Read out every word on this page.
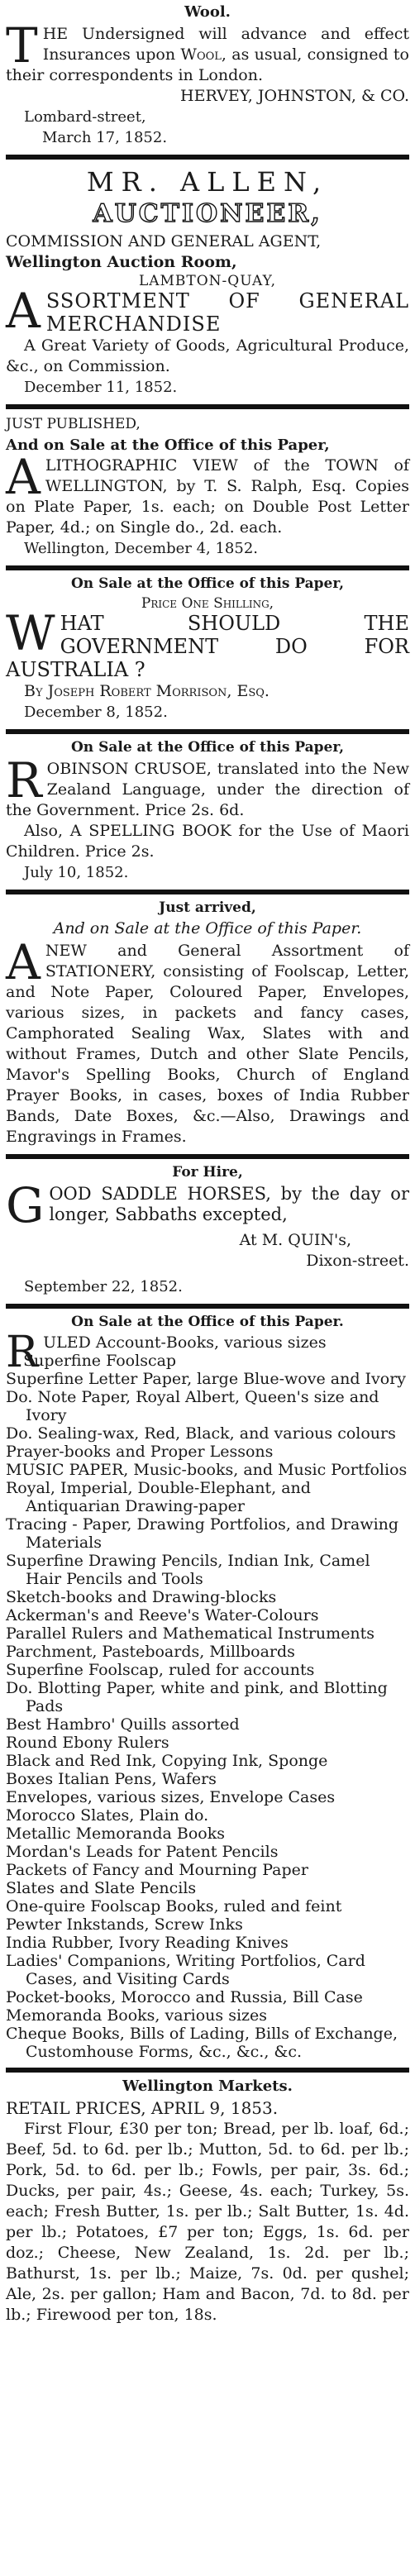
Wool.
THE Undersigned will advance and effect Insurances upon Wool, as usual, consigned to their correspondents in London.
HERVEY, JOHNSTON, & CO.
Lombard-street,
March 17, 1852.
MR. ALLEN,
AUCTIONEER,
COMMISSION AND GENERAL AGENT,
Wellington Auction Room,
LAMBTON-QUAY,
ASSORTMENT OF GENERAL MERCHANDISE
A Great Variety of Goods, Agricultural Produce, &c., on Commission.
December 11, 1852.
JUST PUBLISHED,
And on Sale at the Office of this Paper,
ALITHOGRAPHIC VIEW of the TOWN of WELLINGTON, by T. S. Ralph, Esq. Copies on Plate Paper, 1s. each; on Double Post Letter Paper, 4d.; on Single do., 2d. each.
Wellington, December 4, 1852.
On Sale at the Office of this Paper,
Price One Shilling,
WHAT SHOULD THE GOVERNMENT DO FOR AUSTRALIA ?
By Joseph Robert Morrison, Esq.
December 8, 1852.
On Sale at the Office of this Paper,
ROBINSON CRUSOE, translated into the New Zealand Language, under the direction of the Government. Price 2s. 6d.
Also, A SPELLING BOOK for the Use of Maori Children. Price 2s.
July 10, 1852.
Just arrived,
And on Sale at the Office of this Paper.
ANEW and General Assortment of STATIONERY, consisting of Foolscap, Letter, and Note Paper, Coloured Paper, Envelopes, various sizes, in packets and fancy cases, Camphorated Sealing Wax, Slates with and without Frames, Dutch and other Slate Pencils, Mavor's Spelling Books, Church of England Prayer Books, in cases, boxes of India Rubber Bands, Date Boxes, &c.—Also, Drawings and Engravings in Frames.
For Hire,
GOOD SADDLE HORSES, by the day or longer, Sabbaths excepted,
At M. QUIN's,
Dixon-street.
September 22, 1852.
On Sale at the Office of this Paper.
R ULED Account-Books, various sizes

Superfine Foolscap

Superfine Letter Paper, large Blue-wove and Ivory

Do. Note Paper, Royal Albert, Queen's size and Ivory

Do. Sealing-wax, Red, Black, and various colours

Prayer-books and Proper Lessons

MUSIC PAPER, Music-books, and Music Portfolios

Royal, Imperial, Double-Elephant, and Antiquarian Drawing-paper

Tracing - Paper, Drawing Portfolios, and Drawing Materials

Superfine Drawing Pencils, Indian Ink, Camel Hair Pencils and Tools

Sketch-books and Drawing-blocks

Ackerman's and Reeve's Water-Colours

Parallel Rulers and Mathematical Instruments

Parchment, Pasteboards, Millboards

Superfine Foolscap, ruled for accounts

Do. Blotting Paper, white and pink, and Blotting Pads

Best Hambro' Quills assorted

Round Ebony Rulers

Black and Red Ink, Copying Ink, Sponge

Boxes Italian Pens, Wafers

Envelopes, various sizes, Envelope Cases

Morocco Slates, Plain do.

Metallic Memoranda Books

Mordan's Leads for Patent Pencils

Packets of Fancy and Mourning Paper

Slates and Slate Pencils

One-quire Foolscap Books, ruled and feint

Pewter Inkstands, Screw Inks

India Rubber, Ivory Reading Knives

Ladies' Companions, Writing Portfolios, Card Cases, and Visiting Cards

Pocket-books, Morocco and Russia, Bill Case

Memoranda Books, various sizes

Cheque Books, Bills of Lading, Bills of Exchange, Customhouse Forms, &c., &c., &c.

Wellington Markets.
RETAIL PRICES, APRIL 9, 1853.
First Flour, £30 per ton; Bread, per lb. loaf, 6d.; Beef, 5d. to 6d. per lb.; Mutton, 5d. to 6d. per lb.; Pork, 5d. to 6d. per lb.; Fowls, per pair, 3s. 6d.; Ducks, per pair, 4s.; Geese, 4s. each; Turkey, 5s. each; Fresh Butter, 1s. per lb.; Salt Butter, 1s. 4d. per lb.; Potatoes, £7 per ton; Eggs, 1s. 6d. per doz.; Cheese, New Zealand, 1s. 2d. per lb.; Bathurst, 1s. per lb.; Maize, 7s. 0d. per qushel; Ale, 2s. per gallon; Ham and Bacon, 7d. to 8d. per lb.; Firewood per ton, 18s.
